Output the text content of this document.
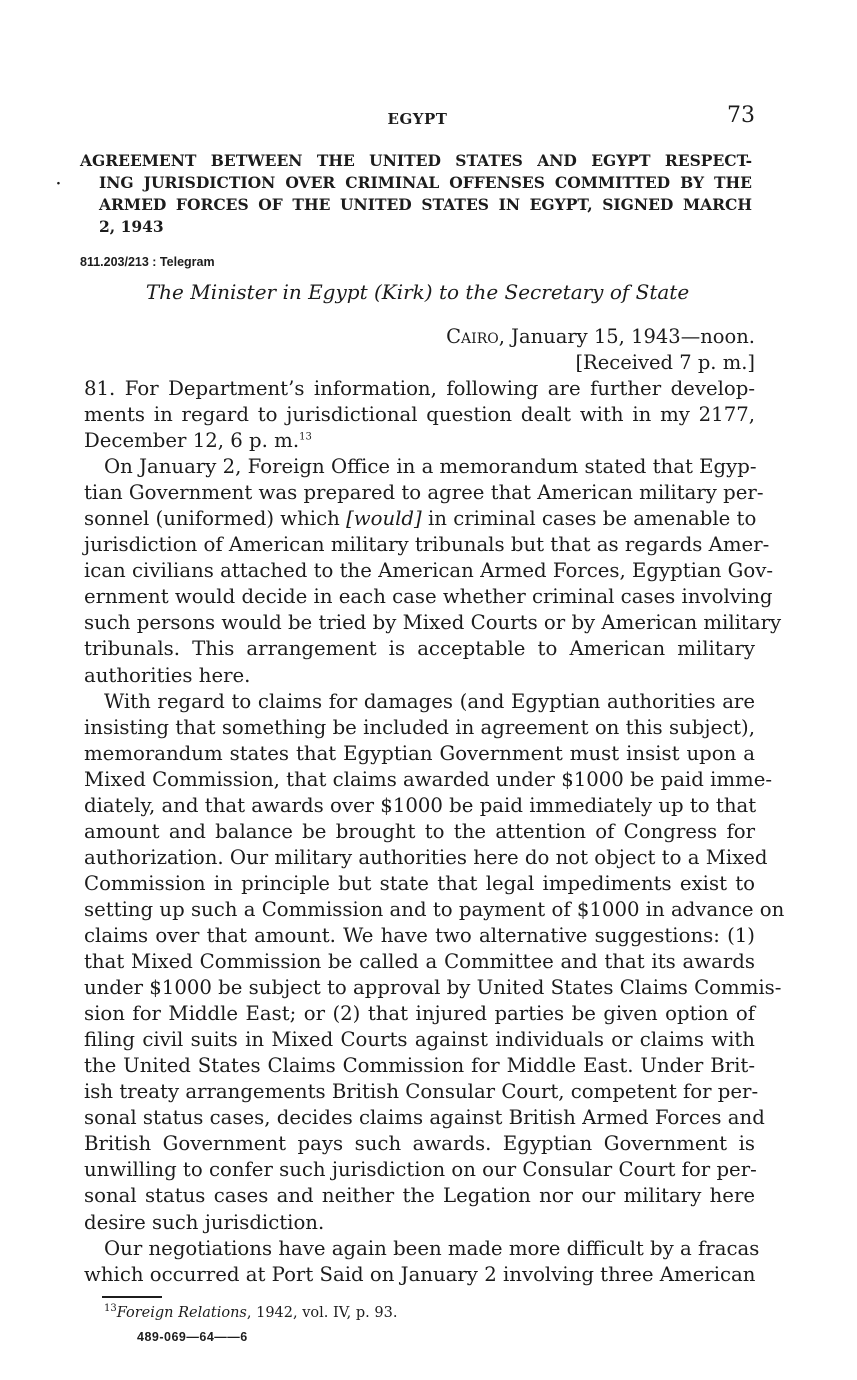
EGYPT	73
·
AGREEMENT BETWEEN THE UNITED STATES AND EGYPT RESPECT-
ING JURISDICTION OVER CRIMINAL OFFENSES COMMITTED BY THE
ARMED FORCES OF THE UNITED STATES IN EGYPT, SIGNED MARCH
2, 1943
811.203/213 : Telegram
The Minister in Egypt (Kirk) to the Secretary of State
Cairo, January 15, 1943—noon.
[Received 7 p. m.]
81. For Department’s information, following are further develop-
ments in regard to jurisdictional question dealt with in my 2177,
December 12, 6 p. m.$^{13}$
On January 2, Foreign Office in a memorandum stated that Egyp-
tian Government was prepared to agree that American military per-
sonnel (uniformed) which [would] in criminal cases be amenable to
jurisdiction of American military tribunals but that as regards Amer-
ican civilians attached to the American Armed Forces, Egyptian Gov-
ernment would decide in each case whether criminal cases involving
such persons would be tried by Mixed Courts or by American military
tribunals. This arrangement is acceptable to American military
authorities here.
With regard to claims for damages (and Egyptian authorities are
insisting that something be included in agreement on this subject),
memorandum states that Egyptian Government must insist upon a
Mixed Commission, that claims awarded under $1000 be paid imme-
diately, and that awards over $1000 be paid immediately up to that
amount and balance be brought to the attention of Congress for
authorization. Our military authorities here do not object to a Mixed
Commission in principle but state that legal impediments exist to
setting up such a Commission and to payment of $1000 in advance on
claims over that amount. We have two alternative suggestions: (1)
that Mixed Commission be called a Committee and that its awards
under $1000 be subject to approval by United States Claims Commis-
sion for Middle East; or (2) that injured parties be given option of
filing civil suits in Mixed Courts against individuals or claims with
the United States Claims Commission for Middle East. Under Brit-
ish treaty arrangements British Consular Court, competent for per-
sonal status cases, decides claims against British Armed Forces and
British Government pays such awards. Egyptian Government is
unwilling to confer such jurisdiction on our Consular Court for per-
sonal status cases and neither the Legation nor our military here
desire such jurisdiction.
Our negotiations have again been made more difficult by a fracas
which occurred at Port Said on January 2 involving three American
$^{13}$Foreign Relations, 1942, vol. IV, p. 93.
489-069—64——6
